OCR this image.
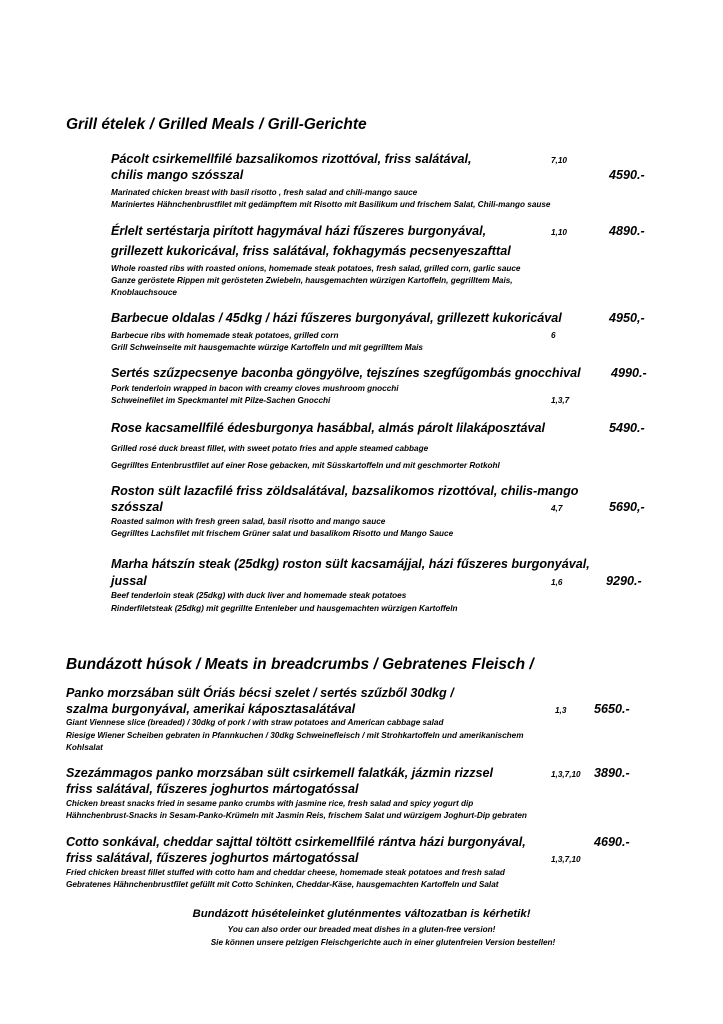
Grill ételek / Grilled Meals / Grill-Gerichte
Pácolt csirkemellfilé bazsalikomos rizottóval, friss salátával,
chilis mango szósszal
7,10
4590.-
Marinated chicken breast with basil risotto , fresh salad and chili-mango sauce
Mariniertes Hähnchenbrustfilet mit gedämpftem mit Risotto mit Basilikum und frischem Salat, Chili-mango sause
Érlelt sertéstarja pirított hagymával házi fűszeres burgonyával,
grillezett kukoricával, friss salátával, fokhagymás pecsenyeszafttal
1,10	4890.-
Whole roasted ribs with roasted onions, homemade steak potatoes, fresh salad, grilled corn, garlic sauce
Ganze geröstete Rippen mit gerösteten Zwiebeln, hausgemachten würzigen Kartoffeln, gegrilltem Mais,
Knoblauchsouce
Barbecue oldalas / 45dkg / házi fűszeres burgonyával, grillezett kukoricával	4950,-
6
Barbecue ribs with homemade steak potatoes, grilled corn
Grill Schweinseite mit hausgemachte würzige Kartoffeln und mit gegrilltem Mais
Sertés szűzpecsenye baconba göngyölve, tejszínes szegfűgombás gnocchival 4990.-
Pork tenderloin wrapped in bacon with creamy cloves mushroom gnocchi
Schweinefilet im Speckmantel mit Pilze-Sachen Gnocchi	1,3,7
Rose kacsamellfilé édesburgonya hasábbal, almás párolt lilakáposztával	5490.-
Grilled rosé duck breast fillet, with sweet potato fries and apple steamed cabbage
Gegrilltes Entenbrustfilet auf einer Rose gebacken, mit Süsskartoffeln und mit geschmorter Rotkohl
Roston sült lazacfilé friss zöldsalátával, bazsalikomos rizottóval, chilis-mango
szósszal	4,7	5690,-
Roasted salmon with fresh green salad, basil risotto and mango sauce
Gegrilltes Lachsfilet mit frischem Grüner salat und basalikom Risotto und Mango Sauce
Marha hátszín steak (25dkg) roston sült kacsamájjal, házi fűszeres burgonyával,
jussal	1,6	9290.-
Beef tenderloin steak (25dkg) with duck liver and homemade steak potatoes
Rinderfiletsteak (25dkg) mit gegrillte Entenleber und hausgemachten würzigen Kartoffeln
Bundázott húsok / Meats in breadcrumbs / Gebratenes Fleisch /
Panko morzsában sült Óriás bécsi szelet / sertés szűzből 30dkg /
szalma burgonyával, amerikai káposztasalátával	1,3 5650.-
Giant Viennese slice (breaded) / 30dkg of pork / with straw potatoes and American cabbage salad
Riesige Wiener Scheiben gebraten in Pfannkuchen / 30dkg Schweinefleisch / mit Strohkartoffeln und amerikanischem
Kohlsalat
Szezámmagos panko morzsában sült csirkemell falatkák, jázmin rizzsel
friss salátával, fűszeres joghurtos mártogatóssal
1,3,7,10 3890.-
Chicken breast snacks fried in sesame panko crumbs with jasmine rice, fresh salad and spicy yogurt dip
Hähnchenbrust-Snacks in Sesam-Panko-Krümeln mit Jasmin Reis, frischem Salat und würzigem Joghurt-Dip gebraten
Cotto sonkával, cheddar sajttal töltött csirkemellfilé rántva házi burgonyával,
friss salátával, fűszeres joghurtos mártogatóssal	1,3,7,10
4690.-
Fried chicken breast fillet stuffed with cotto ham and cheddar cheese, homemade steak potatoes and fresh salad
Gebratenes Hähnchenbrustfilet gefüllt mit Cotto Schinken, Cheddar-Käse, hausgemachten Kartoffeln und Salat
Bundázott húsételeinket gluténmentes változatban is kérhetik!
You can also order our breaded meat dishes in a gluten-free version!
Sie können unsere pelzigen Fleischgerichte auch in einer glutenfreien Version bestellen!
